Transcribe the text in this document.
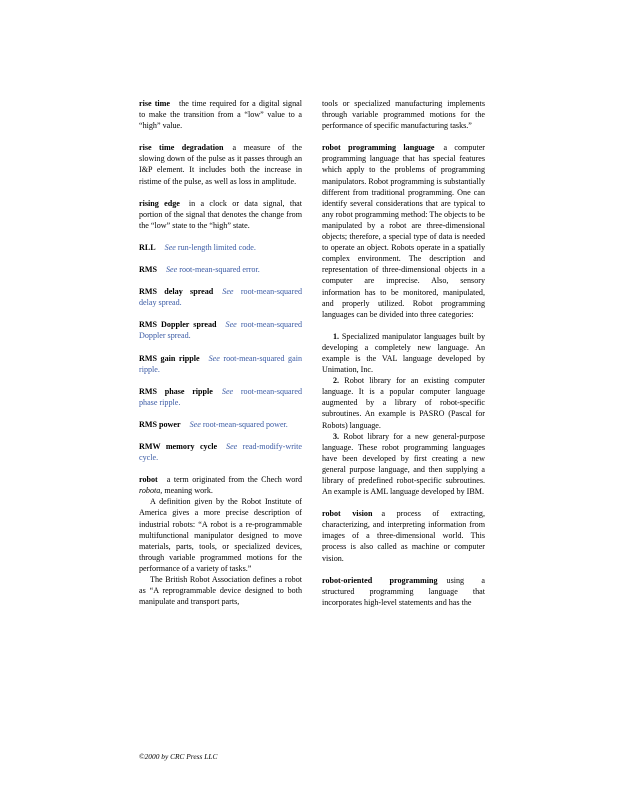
rise time the time required for a digital signal to make the transition from a “low” value to a “high” value.

rise time degradation a measure of the slowing down of the pulse as it passes through an I&P element. It includes both the increase in ristime of the pulse, as well as loss in amplitude.

rising edge in a clock or data signal, that portion of the signal that denotes the change from the “low” state to the “high” state.

RLL See run-length limited code.

RMS See root-mean-squared error.

RMS delay spread See root-mean-squared delay spread.

RMS Doppler spread See root-mean-squared Doppler spread.

RMS gain ripple See root-mean-squared gain ripple.

RMS phase ripple See root-mean-squared phase ripple.

RMS power See root-mean-squared power.

RMW memory cycle See read-modify-write cycle.

robot a term originated from the Chech word robota, meaning work.

A definition given by the Robot Institute of America gives a more precise description of industrial robots: “A robot is a re-programmable multifunctional manipulator designed to move materials, parts, tools, or specialized devices, through variable programmed motions for the performance of a variety of tasks.”

The British Robot Association defines a robot as “A reprogrammable device designed to both manipulate and transport parts,

tools or specialized manufacturing implements through variable programmed motions for the performance of specific manufacturing tasks.”

robot programming language a computer programming language that has special features which apply to the problems of programming manipulators. Robot programming is substantially different from traditional programming. One can identify several considerations that are typical to any robot programming method: The objects to be manipulated by a robot are three-dimensional objects; therefore, a special type of data is needed to operate an object. Robots operate in a spatially complex environment. The description and representation of three-dimensional objects in a computer are imprecise. Also, sensory information has to be monitored, manipulated, and properly utilized. Robot programming languages can be divided into three categories:

1. Specialized manipulator languages built by developing a completely new language. An example is the VAL language developed by Unimation, Inc.

2. Robot library for an existing computer language. It is a popular computer language augmented by a library of robot-specific subroutines. An example is PASRO (Pascal for Robots) language.

3. Robot library for a new general-purpose language. These robot programming languages have been developed by first creating a new general purpose language, and then supplying a library of predefined robot-specific subroutines. An example is AML language developed by IBM.

robot vision a process of extracting, characterizing, and interpreting information from images of a three-dimensional world. This process is also called as machine or computer vision.

robot-oriented programming using a structured programming language that incorporates high-level statements and has the

©2000 by CRC Press LLC
